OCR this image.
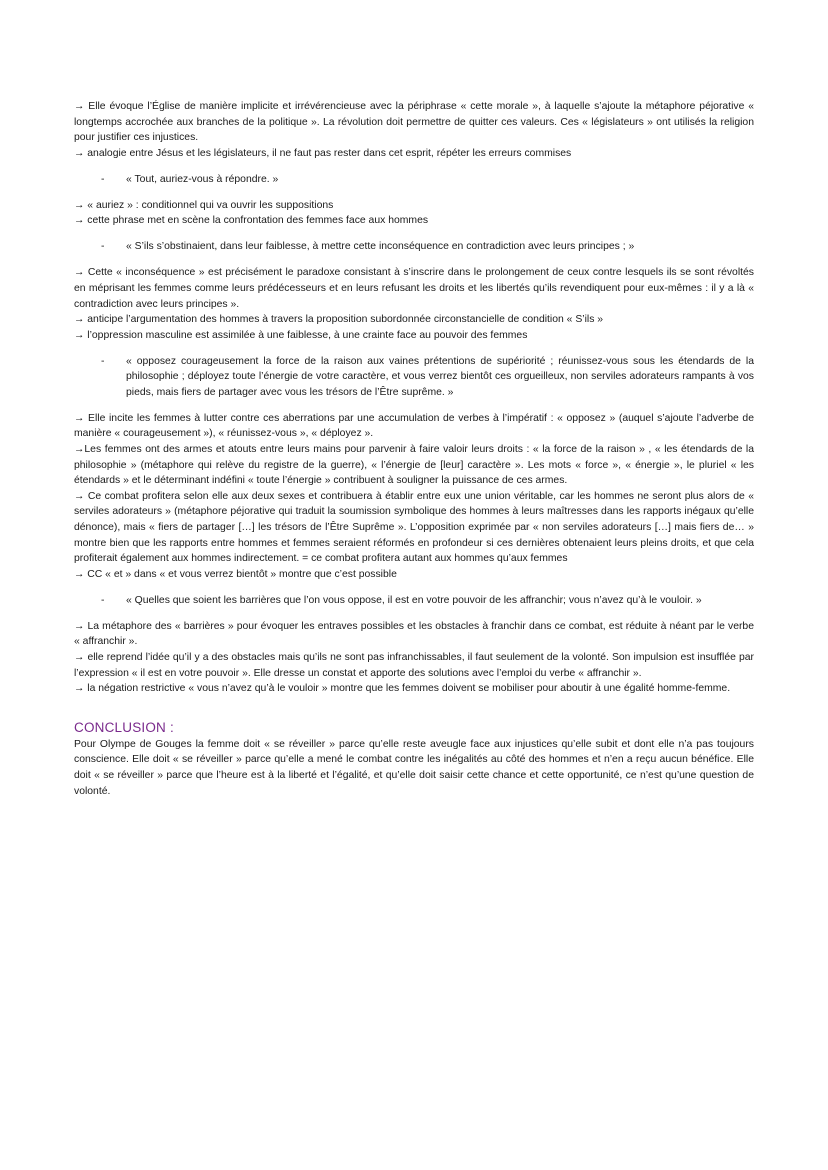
→ Elle évoque l’Église de manière implicite et irrévérencieuse avec la périphrase « cette morale », à laquelle s’ajoute la métaphore péjorative « longtemps accrochée aux branches de la politique ». La révolution doit permettre de quitter ces valeurs. Ces « législateurs » ont utilisés la religion pour justifier ces injustices.

→ analogie entre Jésus et les législateurs, il ne faut pas rester dans cet esprit, répéter les erreurs commises

- « Tout, auriez-vous à répondre. »

→ « auriez » : conditionnel qui va ouvrir les suppositions

→ cette phrase met en scène la confrontation des femmes face aux hommes

- « S’ils s’obstinaient, dans leur faiblesse, à mettre cette inconséquence en contradiction avec leurs principes ; »

→ Cette « inconséquence » est précisément le paradoxe consistant à s’inscrire dans le prolongement de ceux contre lesquels ils se sont révoltés en méprisant les femmes comme leurs prédécesseurs et en leurs refusant les droits et les libertés qu’ils revendiquent pour eux-mêmes : il y a là « contradiction avec leurs principes ».

→ anticipe l’argumentation des hommes à travers la proposition subordonnée circonstancielle de condition « S’ils »

→ l’oppression masculine est assimilée à une faiblesse, à une crainte face au pouvoir des femmes

- « opposez courageusement la force de la raison aux vaines prétentions de supériorité ; réunissez-vous sous les étendards de la philosophie ; déployez toute l’énergie de votre caractère, et vous verrez bientôt ces orgueilleux, non serviles adorateurs rampants à vos pieds, mais fiers de partager avec vous les trésors de l’Être suprême. »

→ Elle incite les femmes à lutter contre ces aberrations par une accumulation de verbes à l’impératif : « opposez » (auquel s’ajoute l’adverbe de manière « courageusement »), « réunissez-vous », « déployez ».

→Les femmes ont des armes et atouts entre leurs mains pour parvenir à faire valoir leurs droits : « la force de la raison » , « les étendards de la philosophie » (métaphore qui relève du registre de la guerre), « l’énergie de [leur] caractère ». Les mots « force », « énergie », le pluriel « les étendards » et le déterminant indéfini « toute l’énergie » contribuent à souligner la puissance de ces armes.

→ Ce combat profitera selon elle aux deux sexes et contribuera à établir entre eux une union véritable, car les hommes ne seront plus alors de « serviles adorateurs » (métaphore péjorative qui traduit la soumission symbolique des hommes à leurs maîtresses dans les rapports inégaux qu’elle dénonce), mais « fiers de partager […] les trésors de l’Être Suprême ». L’opposition exprimée par « non serviles adorateurs […] mais fiers de… » montre bien que les rapports entre hommes et femmes seraient réformés en profondeur si ces dernières obtenaient leurs pleins droits, et que cela profiterait également aux hommes indirectement. = ce combat profitera autant aux hommes qu’aux femmes

→ CC « et » dans « et vous verrez bientôt » montre que c’est possible

- « Quelles que soient les barrières que l’on vous oppose, il est en votre pouvoir de les affranchir; vous n’avez qu’à le vouloir. »

→ La métaphore des « barrières » pour évoquer les entraves possibles et les obstacles à franchir dans ce combat, est réduite à néant par le verbe « affranchir ».

→ elle reprend l’idée qu’il y a des obstacles mais qu’ils ne sont pas infranchissables, il faut seulement de la volonté. Son impulsion est insufflée par l’expression « il est en votre pouvoir ». Elle dresse un constat et apporte des solutions avec l’emploi du verbe « affranchir ».

→ la négation restrictive « vous n’avez qu’à le vouloir » montre que les femmes doivent se mobiliser pour aboutir à une égalité homme-femme.

CONCLUSION :

Pour Olympe de Gouges la femme doit « se réveiller » parce qu’elle reste aveugle face aux injustices qu’elle subit et dont elle n’a pas toujours conscience. Elle doit « se réveiller » parce qu’elle a mené le combat contre les inégalités au côté des hommes et n’en a reçu aucun bénéfice. Elle doit « se réveiller » parce que l’heure est à la liberté et l’égalité, et qu’elle doit saisir cette chance et cette opportunité, ce n’est qu’une question de volonté.
